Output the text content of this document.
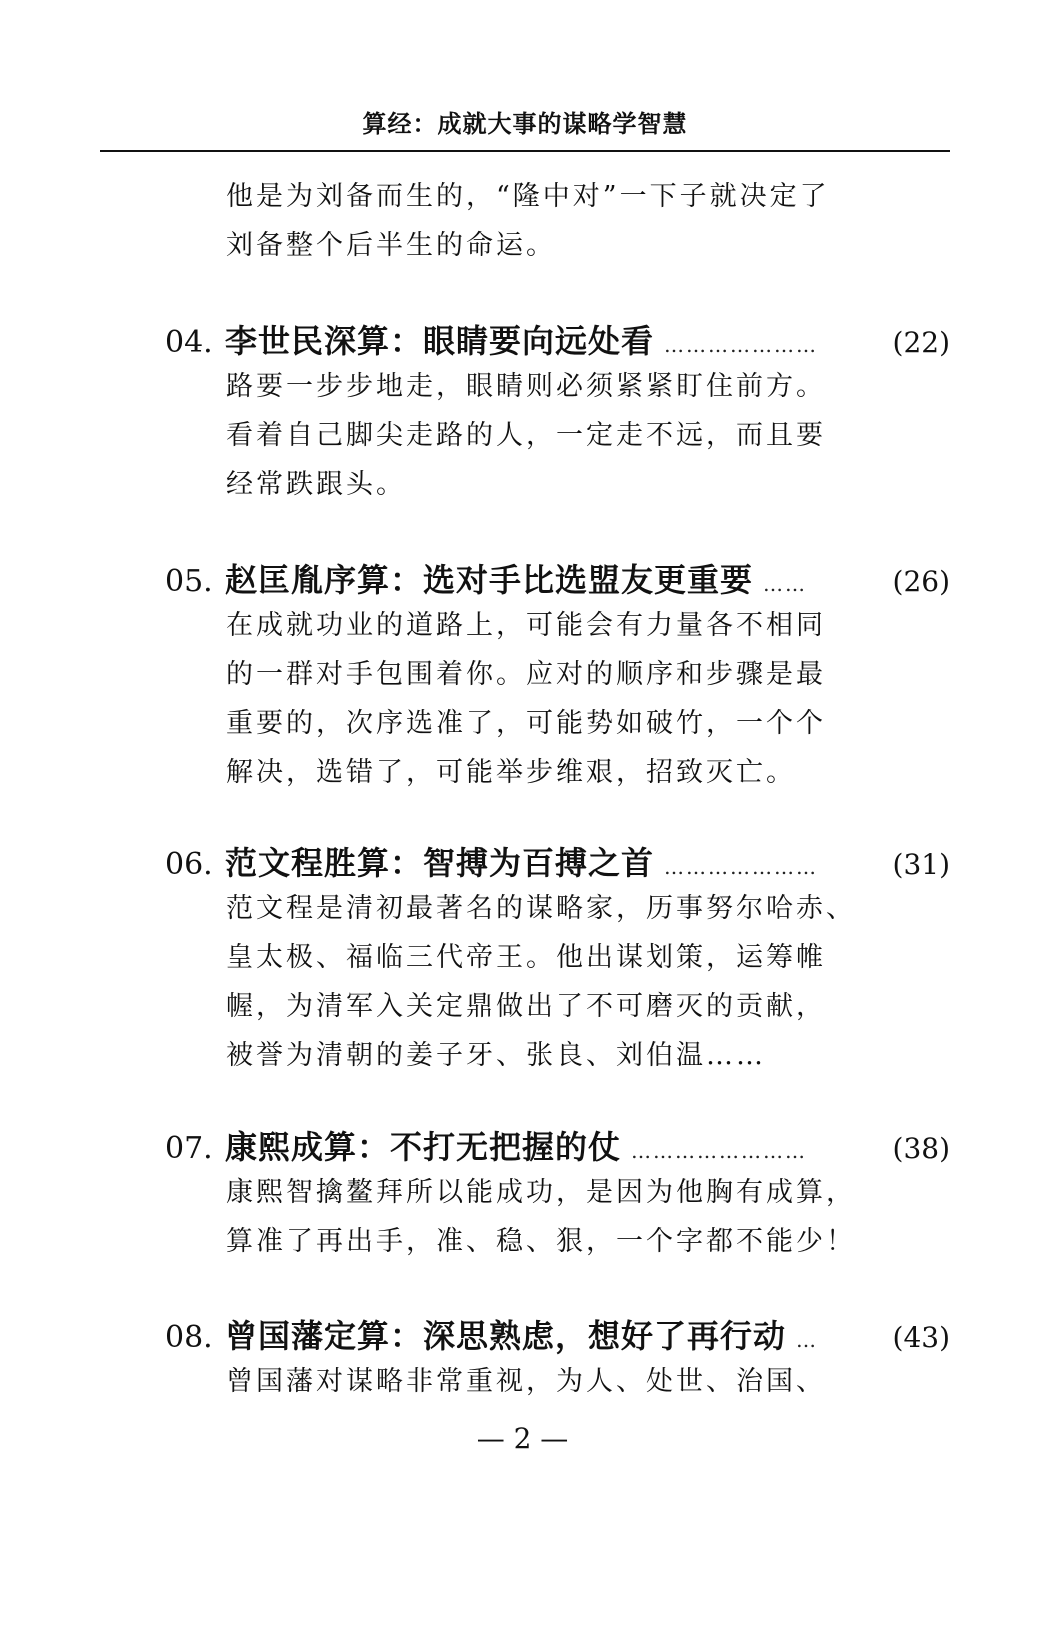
算经：成就大事的谋略学智慧
他是为刘备而生的，“隆中对”一下子就决定了
刘备整个后半生的命运。
04. 李世民深算：眼睛要向远处看 …………………	(22)
路要一步步地走，眼睛则必须紧紧盯住前方。
看着自己脚尖走路的人，一定走不远，而且要
经常跌跟头。
05. 赵匡胤序算：选对手比选盟友更重要 ……	(26)
在成就功业的道路上，可能会有力量各不相同
的一群对手包围着你。应对的顺序和步骤是最
重要的，次序选准了，可能势如破竹，一个个
解决，选错了，可能举步维艰，招致灭亡。
06. 范文程胜算：智搏为百搏之首 …………………	(31)
范文程是清初最著名的谋略家，历事努尔哈赤、
皇太极、福临三代帝王。他出谋划策，运筹帷
幄，为清军入关定鼎做出了不可磨灭的贡献，
被誉为清朝的姜子牙、张良、刘伯温……
07. 康熙成算：不打无把握的仗 ……………………	(38)
康熙智擒鳌拜所以能成功，是因为他胸有成算，
算准了再出手，准、稳、狠，一个字都不能少！
08. 曾国藩定算：深思熟虑，想好了再行动 …	(43)
曾国藩对谋略非常重视，为人、处世、治国、
— 2 —
